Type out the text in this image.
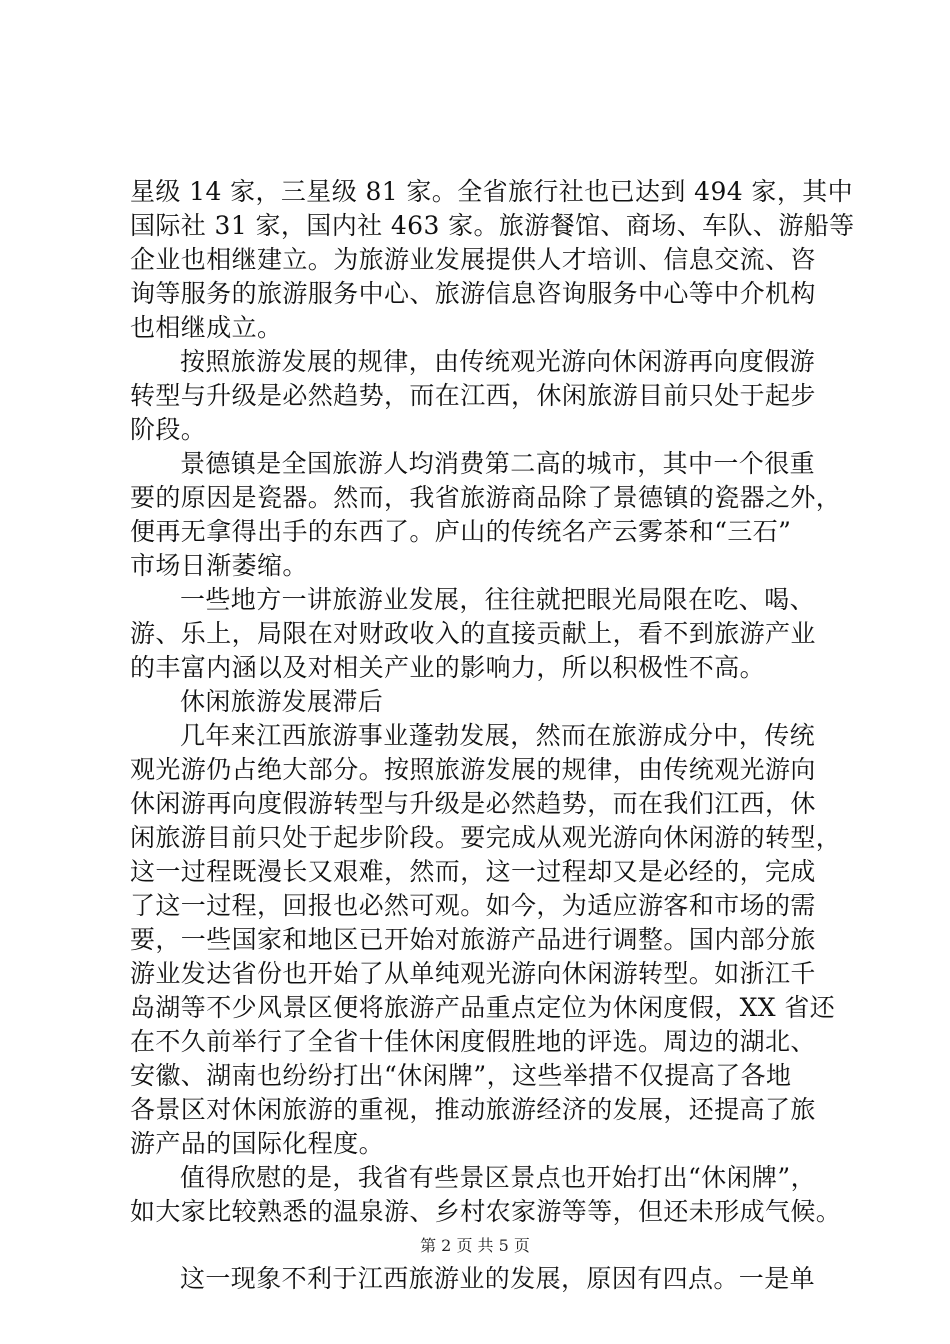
星级 14 家，三星级 81 家。全省旅行社也已达到 494 家，其中
国际社 31 家，国内社 463 家。旅游餐馆、商场、车队、游船等
企业也相继建立。为旅游业发展提供人才培训、信息交流、咨
询等服务的旅游服务中心、旅游信息咨询服务中心等中介机构
也相继成立。
按照旅游发展的规律，由传统观光游向休闲游再向度假游
转型与升级是必然趋势，而在江西，休闲旅游目前只处于起步
阶段。
景德镇是全国旅游人均消费第二高的城市，其中一个很重
要的原因是瓷器。然而，我省旅游商品除了景德镇的瓷器之外，
便再无拿得出手的东西了。庐山的传统名产云雾茶和“三石”
市场日渐萎缩。
一些地方一讲旅游业发展，往往就把眼光局限在吃、喝、
游、乐上，局限在对财政收入的直接贡献上，看不到旅游产业
的丰富内涵以及对相关产业的影响力，所以积极性不高。
休闲旅游发展滞后
几年来江西旅游事业蓬勃发展，然而在旅游成分中，传统
观光游仍占绝大部分。按照旅游发展的规律，由传统观光游向
休闲游再向度假游转型与升级是必然趋势，而在我们江西，休
闲旅游目前只处于起步阶段。要完成从观光游向休闲游的转型，
这一过程既漫长又艰难，然而，这一过程却又是必经的，完成
了这一过程，回报也必然可观。如今，为适应游客和市场的需
要，一些国家和地区已开始对旅游产品进行调整。国内部分旅
游业发达省份也开始了从单纯观光游向休闲游转型。如浙江千
岛湖等不少风景区便将旅游产品重点定位为休闲度假，XX 省还
在不久前举行了全省十佳休闲度假胜地的评选。周边的湖北、
安徽、湖南也纷纷打出“休闲牌”，这些举措不仅提高了各地
各景区对休闲旅游的重视，推动旅游经济的发展，还提高了旅
游产品的国际化程度。
值得欣慰的是，我省有些景区景点也开始打出“休闲牌”，
如大家比较熟悉的温泉游、乡村农家游等等，但还未形成气候。
这一现象不利于江西旅游业的发展，原因有四点。一是单
第 2 页 共 5 页
